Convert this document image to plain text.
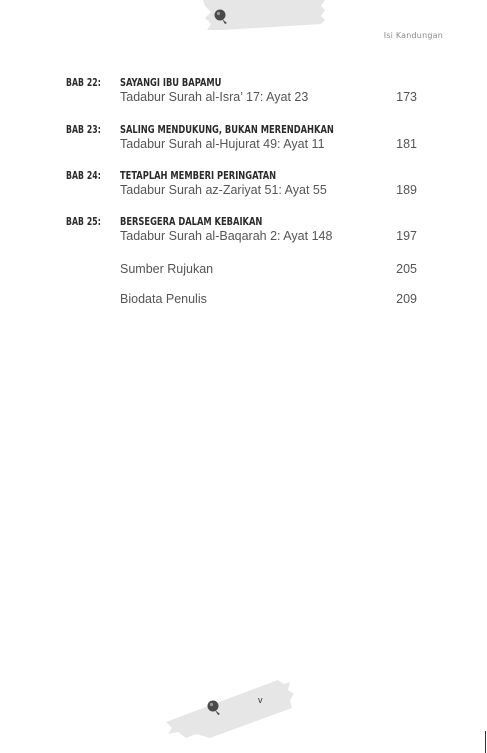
Isi Kandungan
BAB 22: SAYANGI IBU BAPAMU
Tadabur Surah al-Isra’ 17: Ayat 23	173
BAB 23: SALING MENDUKUNG, BUKAN MERENDAHKAN
Tadabur Surah al-Hujurat 49: Ayat 11	181
BAB 24: TETAPLAH MEMBERI PERINGATAN
Tadabur Surah az-Zariyat 51: Ayat 55	189
BAB 25: BERSEGERA DALAM KEBAIKAN
Tadabur Surah al-Baqarah 2: Ayat 148	197
Sumber Rujukan	205
Biodata Penulis	209
v
